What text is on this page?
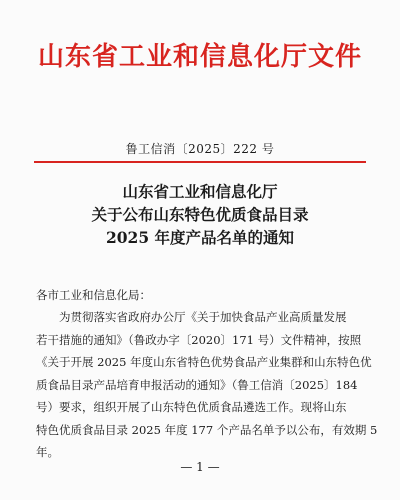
山东省工业和信息化厅文件
鲁工信消〔2025〕222 号
山东省工业和信息化厅
关于公布山东特色优质食品目录
2025 年度产品名单的通知
各市工业和信息化局：
为贯彻落实省政府办公厅《关于加快食品产业高质量发展
若干措施的通知》（鲁政办字〔2020〕171 号）文件精神，按照
《关于开展 2025 年度山东省特色优势食品产业集群和山东特色优
质食品目录产品培育申报活动的通知》（鲁工信消〔2025〕184
号）要求，组织开展了山东特色优质食品遴选工作。现将山东
特色优质食品目录 2025 年度 177 个产品名单予以公布，有效期 5
年。
— 1 —
